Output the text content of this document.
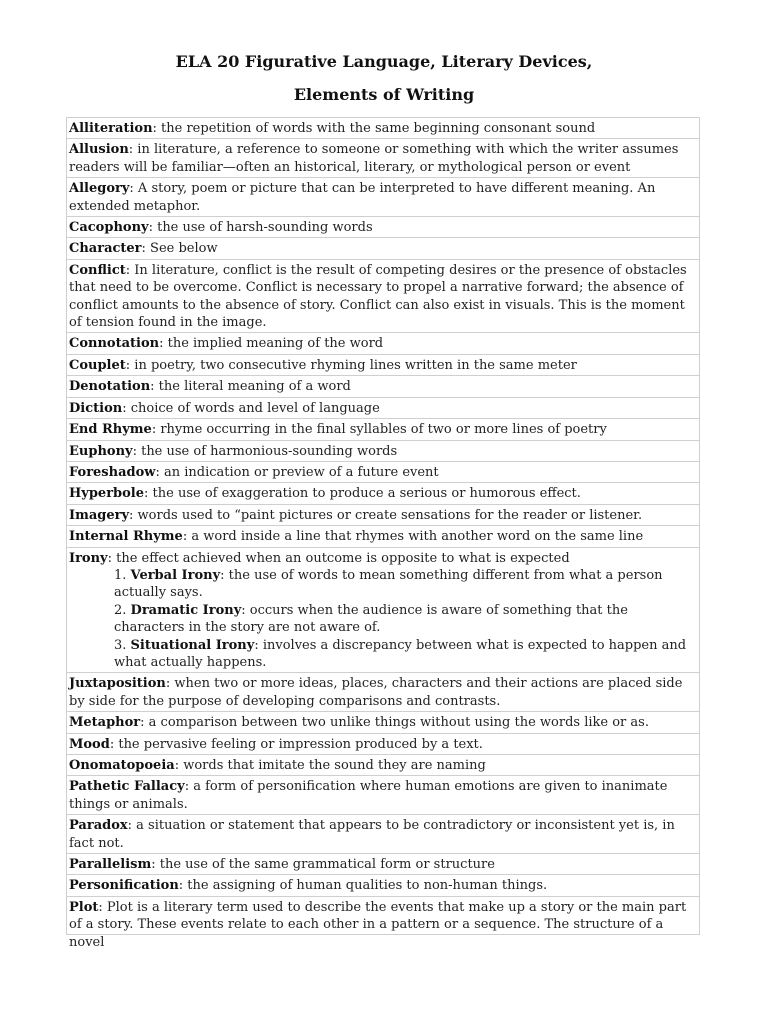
ELA 20 Figurative Language, Literary Devices,
Elements of Writing
Alliteration: the repetition of words with the same beginning consonant sound

Allusion: in literature, a reference to someone or something with which the writer assumes readers will be familiar—often an historical, literary, or mythological person or event

Allegory: A story, poem or picture that can be interpreted to have different meaning. An extended metaphor.

Cacophony: the use of harsh-sounding words

Character: See below

Conflict: In literature, conflict is the result of competing desires or the presence of obstacles that need to be overcome. Conflict is necessary to propel a narrative forward; the absence of conflict amounts to the absence of story. Conflict can also exist in visuals. This is the moment of tension found in the image.

Connotation: the implied meaning of the word

Couplet: in poetry, two consecutive rhyming lines written in the same meter

Denotation: the literal meaning of a word

Diction: choice of words and level of language

End Rhyme: rhyme occurring in the final syllables of two or more lines of poetry

Euphony: the use of harmonious-sounding words

Foreshadow: an indication or preview of a future event

Hyperbole: the use of exaggeration to produce a serious or humorous effect.

Imagery: words used to “paint pictures or create sensations for the reader or listener.

Internal Rhyme: a word inside a line that rhymes with another word on the same line

Irony: the effect achieved when an outcome is opposite to what is expected
1. Verbal Irony: the use of words to mean something different from what a person actually says.
2. Dramatic Irony: occurs when the audience is aware of something that the characters in the story are not aware of.
3. Situational Irony: involves a discrepancy between what is expected to happen and what actually happens.

Juxtaposition: when two or more ideas, places, characters and their actions are placed side by side for the purpose of developing comparisons and contrasts.

Metaphor: a comparison between two unlike things without using the words like or as.

Mood: the pervasive feeling or impression produced by a text.

Onomatopoeia: words that imitate the sound they are naming

Pathetic Fallacy: a form of personification where human emotions are given to inanimate things or animals.

Paradox: a situation or statement that appears to be contradictory or inconsistent yet is, in fact not.

Parallelism: the use of the same grammatical form or structure

Personification: the assigning of human qualities to non-human things.

Plot: Plot is a literary term used to describe the events that make up a story or the main part of a story. These events relate to each other in a pattern or a sequence. The structure of a novel
